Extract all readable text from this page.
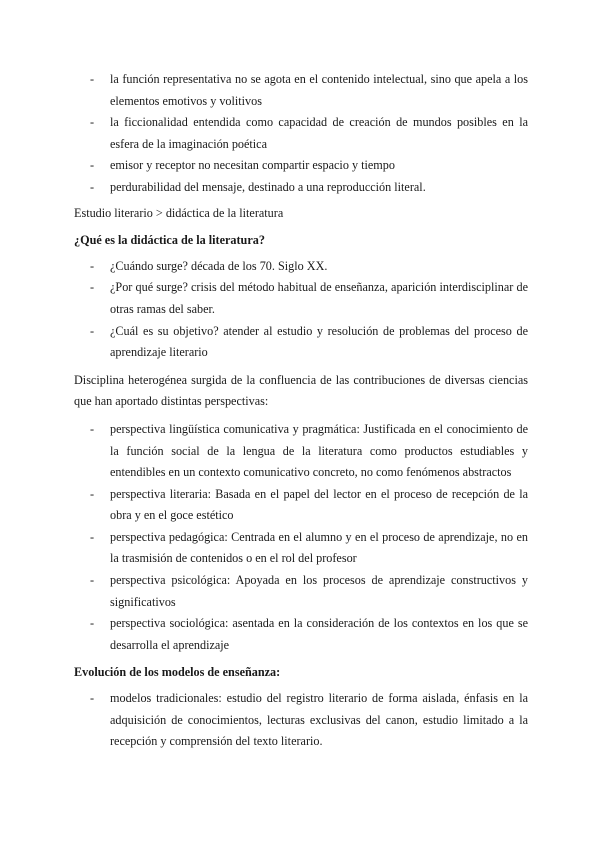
- la función representativa no se agota en el contenido intelectual, sino que apela a los elementos emotivos y volitivos
- la ficcionalidad entendida como capacidad de creación de mundos posibles en la esfera de la imaginación poética
- emisor y receptor no necesitan compartir espacio y tiempo
- perdurabilidad del mensaje, destinado a una reproducción literal.

Estudio literario > didáctica de la literatura

¿Qué es la didáctica de la literatura?

- ¿Cuándo surge? década de los 70. Siglo XX.
- ¿Por qué surge? crisis del método habitual de enseñanza, aparición interdisciplinar de otras ramas del saber.
- ¿Cuál es su objetivo? atender al estudio y resolución de problemas del proceso de aprendizaje literario

Disciplina heterogénea surgida de la confluencia de las contribuciones de diversas ciencias que han aportado distintas perspectivas:

- perspectiva lingüística comunicativa y pragmática: Justificada en el conocimiento de la función social de la lengua de la literatura como productos estudiables y entendibles en un contexto comunicativo concreto, no como fenómenos abstractos
- perspectiva literaria: Basada en el papel del lector en el proceso de recepción de la obra y en el goce estético
- perspectiva pedagógica: Centrada en el alumno y en el proceso de aprendizaje, no en la trasmisión de contenidos o en el rol del profesor
- perspectiva psicológica: Apoyada en los procesos de aprendizaje constructivos y significativos
- perspectiva sociológica: asentada en la consideración de los contextos en los que se desarrolla el aprendizaje

Evolución de los modelos de enseñanza:

- modelos tradicionales: estudio del registro literario de forma aislada, énfasis en la adquisición de conocimientos, lecturas exclusivas del canon, estudio limitado a la recepción y comprensión del texto literario.
